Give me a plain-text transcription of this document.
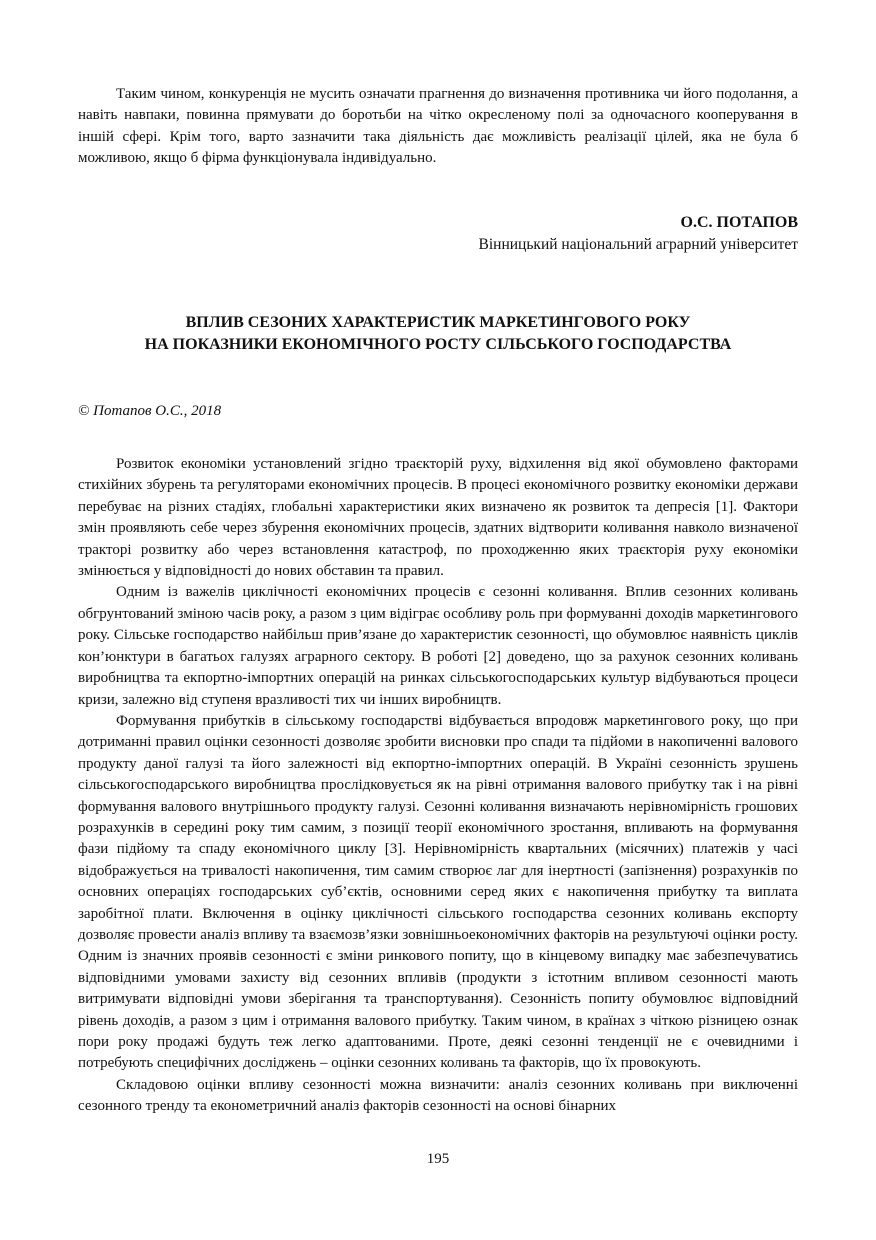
Таким чином, конкуренція не мусить означати прагнення до визначення противника чи його подолання, а навіть навпаки, повинна прямувати до боротьби на чітко окресленому полі за одночасного кооперування в іншій сфері. Крім того, варто зазначити така діяльність дає можливість реалізації цілей, яка не була б можливою, якщо б фірма функціонувала індивідуально.

О.С. ПОТАПОВ

Вінницький національний аграрний університет

ВПЛИВ СЕЗОНИХ ХАРАКТЕРИСТИК МАРКЕТИНГОВОГО РОКУ
НА ПОКАЗНИКИ ЕКОНОМІЧНОГО РОСТУ СІЛЬСЬКОГО ГОСПОДАРСТВА

© Потапов О.С., 2018

Розвиток економіки установлений згідно траєкторій руху, відхилення від якої обумовлено факторами стихійних збурень та регуляторами економічних процесів. В процесі економічного розвитку економіки держави перебуває на різних стадіях, глобальні характеристики яких визначено як розвиток та депресія [1]. Фактори змін проявляють себе через збурення економічних процесів, здатних відтворити коливання навколо визначеної тракторі розвитку або через встановлення катастроф, по проходженню яких траєкторія руху економіки змінюється у відповідності до нових обставин та правил.

Одним із важелів циклічності економічних процесів є сезонні коливання. Вплив сезонних коливань обгрунтований зміною часів року, а разом з цим відіграє особливу роль при формуванні доходів маркетингового року. Сільське господарство найбільш прив’язане до характеристик сезонності, що обумовлює наявність циклів кон’юнктури в багатьох галузях аграрного сектору. В роботі [2] доведено, що за рахунок сезонних коливань виробництва та екпортно-імпортних операцій на ринках сільськогосподарських культур відбуваються процеси кризи, залежно від ступеня вразливості тих чи інших виробництв.

Формування прибутків в сільському господарстві відбувається впродовж маркетингового року, що при дотриманні правил оцінки сезонності дозволяє зробити висновки про спади та підйоми в накопиченні валового продукту даної галузі та його залежності від екпортно-імпортних операцій. В Україні сезонність зрушень сільськогосподарського виробництва прослідковується як на рівні отримання валового прибутку так і на рівні формування валового внутрішнього продукту галузі. Сезонні коливання визначають нерівномірність грошових розрахунків в середині року тим самим, з позиції теорії економічного зростання, впливають на формування фази підйому та спаду економічного циклу [3]. Нерівномірність квартальних (місячних) платежів у часі відображується на тривалості накопичення, тим самим створює лаг для інертності (запізнення) розрахунків по основних операціях господарських суб’єктів, основними серед яких є накопичення прибутку та виплата заробітної плати. Включення в оцінку циклічності сільського господарства сезонних коливань експорту дозволяє провести аналіз впливу та взаємозв’язки зовнішньоекономічних факторів на результуючі оцінки росту. Одним із значних проявів сезонності є зміни ринкового попиту, що в кінцевому випадку має забезпечуватись відповідними умовами захисту від сезонних впливів (продукти з істотним впливом сезонності мають витримувати відповідні умови зберігання та транспортування). Сезонність попиту обумовлює відповідний рівень доходів, а разом з цим і отримання валового прибутку. Таким чином, в країнах з чіткою різницею ознак пори року продажі будуть теж легко адаптованими. Проте, деякі сезонні тенденції не є очевидними і потребують специфічних досліджень – оцінки сезонних коливань та факторів, що їх провокують.

Складовою оцінки впливу сезонності можна визначити: аналіз сезонних коливань при виключенні сезонного тренду та економетричний аналіз факторів сезонності на основі бінарних

195
